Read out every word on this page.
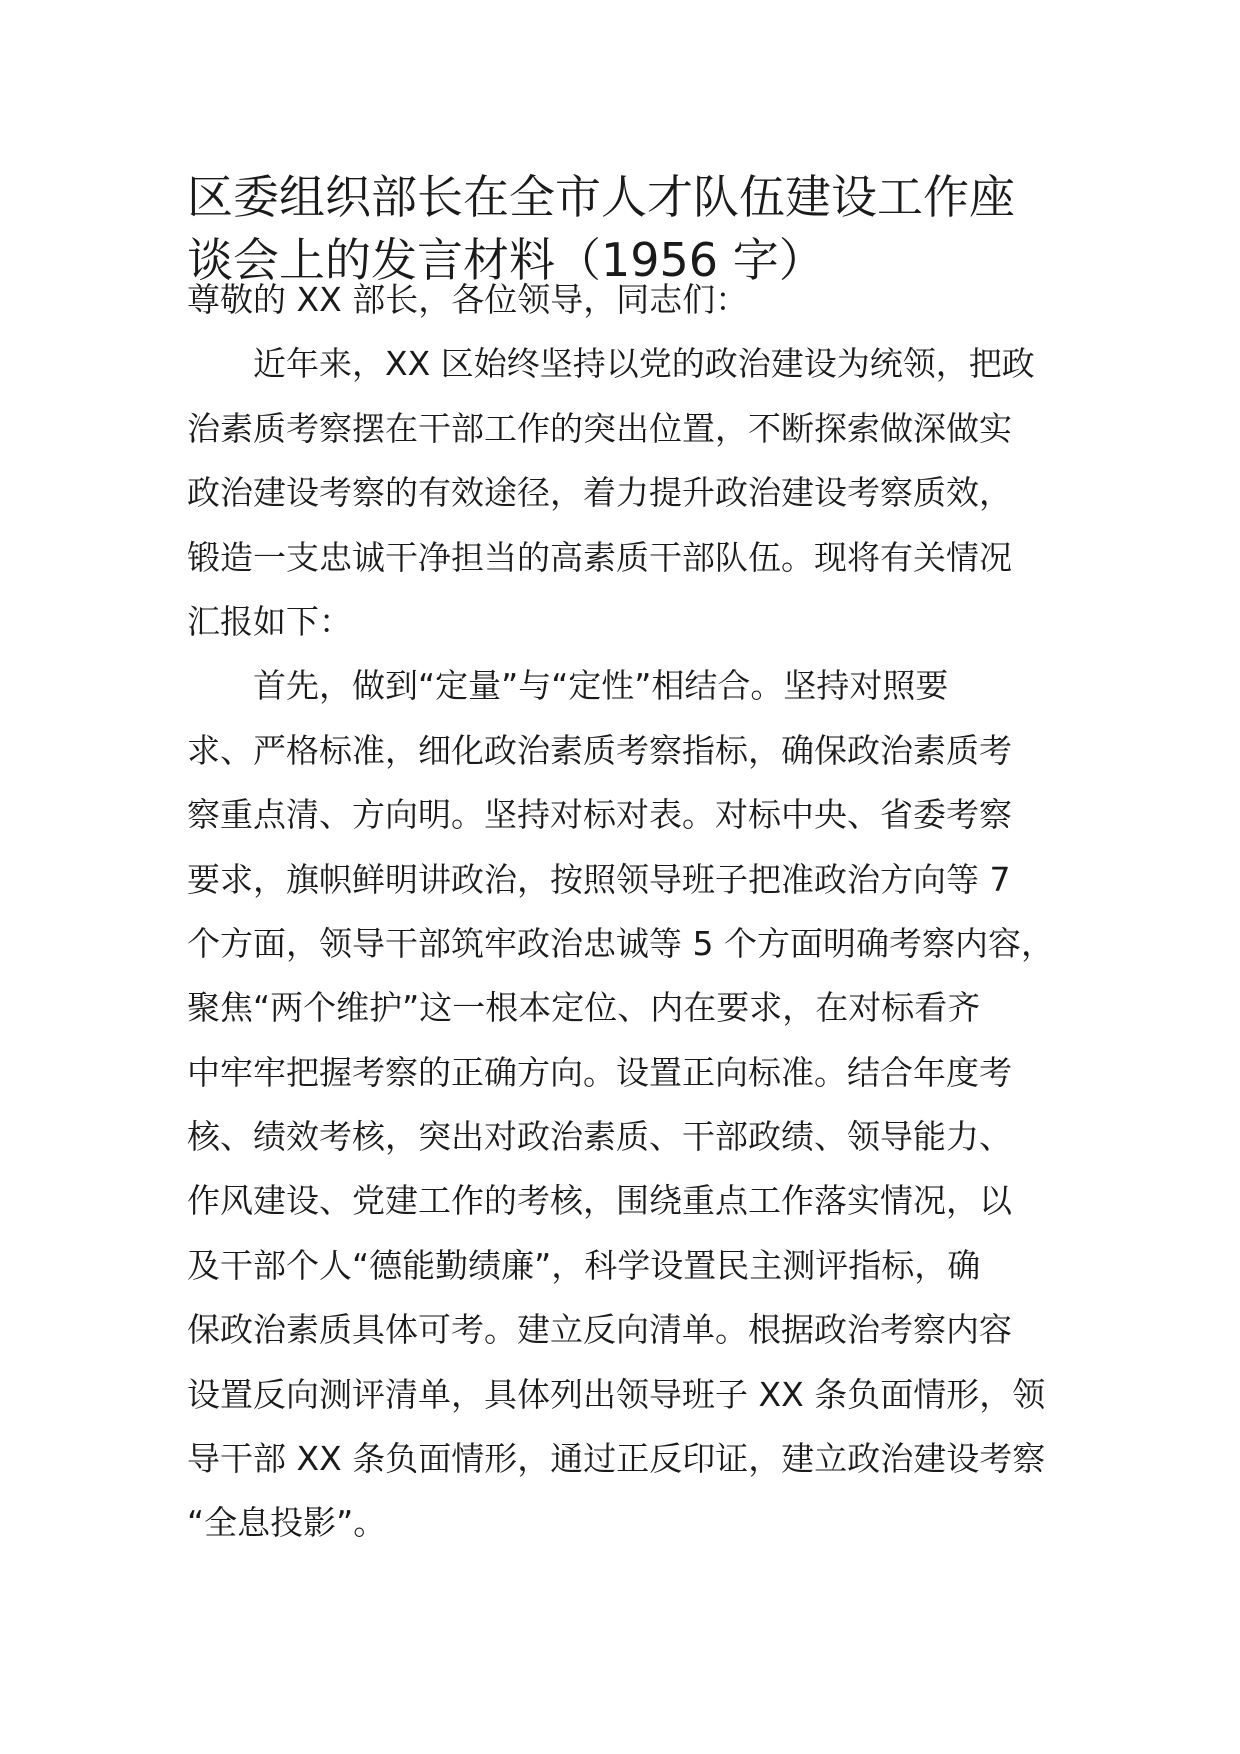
区委组织部长在全市人才队伍建设工作座
谈会上的发言材料（1956 字）
尊敬的 XX 部长，各位领导，同志们：
近年来，XX 区始终坚持以党的政治建设为统领，把政
治素质考察摆在干部工作的突出位置，不断探索做深做实
政治建设考察的有效途径，着力提升政治建设考察质效，
锻造一支忠诚干净担当的高素质干部队伍。现将有关情况
汇报如下：
首先，做到“定量”与“定性”相结合。坚持对照要
求、严格标准，细化政治素质考察指标，确保政治素质考
察重点清、方向明。坚持对标对表。对标中央、省委考察
要求，旗帜鲜明讲政治，按照领导班子把准政治方向等 7
个方面，领导干部筑牢政治忠诚等 5 个方面明确考察内容，
聚焦“两个维护”这一根本定位、内在要求，在对标看齐
中牢牢把握考察的正确方向。设置正向标准。结合年度考
核、绩效考核，突出对政治素质、干部政绩、领导能力、
作风建设、党建工作的考核，围绕重点工作落实情况，以
及干部个人“德能勤绩廉”，科学设置民主测评指标，确
保政治素质具体可考。建立反向清单。根据政治考察内容
设置反向测评清单，具体列出领导班子 XX 条负面情形，领
导干部 XX 条负面情形，通过正反印证，建立政治建设考察
“全息投影”。
